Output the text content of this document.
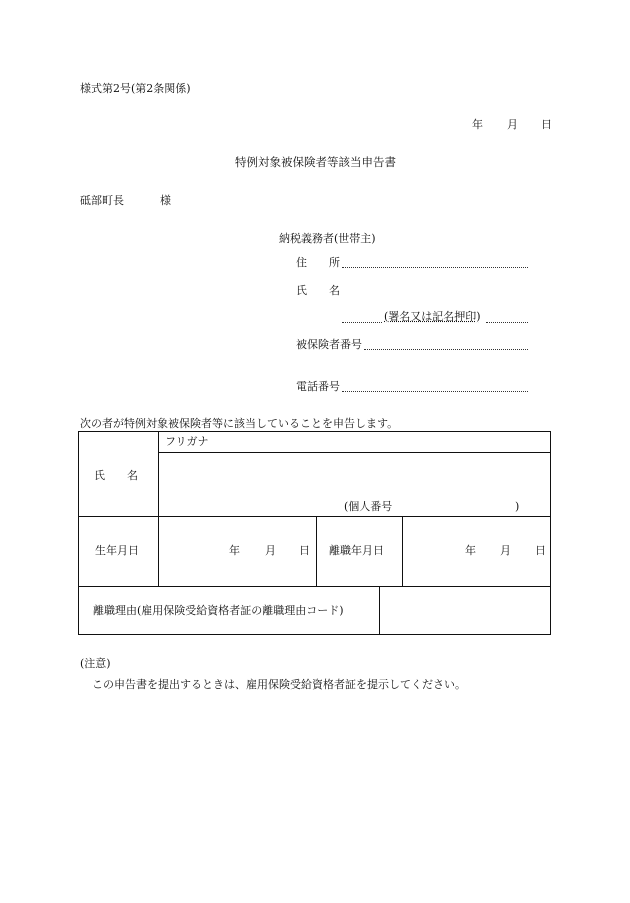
様式第2号(第2条関係)
年 月 日
特例対象被保険者等該当申告書
砥部町長	様
納税義務者(世帯主)
住　　所
氏　　名
(署名又は記名押印)
被保険者番号
電話番号
次の者が特例対象被保険者等に該当していることを申告します。
氏　　名
フリガナ
(個人番号	)
生年月日	年 月 日 離職年月日	年 月 日
離職理由(雇用保険受給資格者証の離職理由コード)
(注意)
この申告書を提出するときは、雇用保険受給資格者証を提示してください。
